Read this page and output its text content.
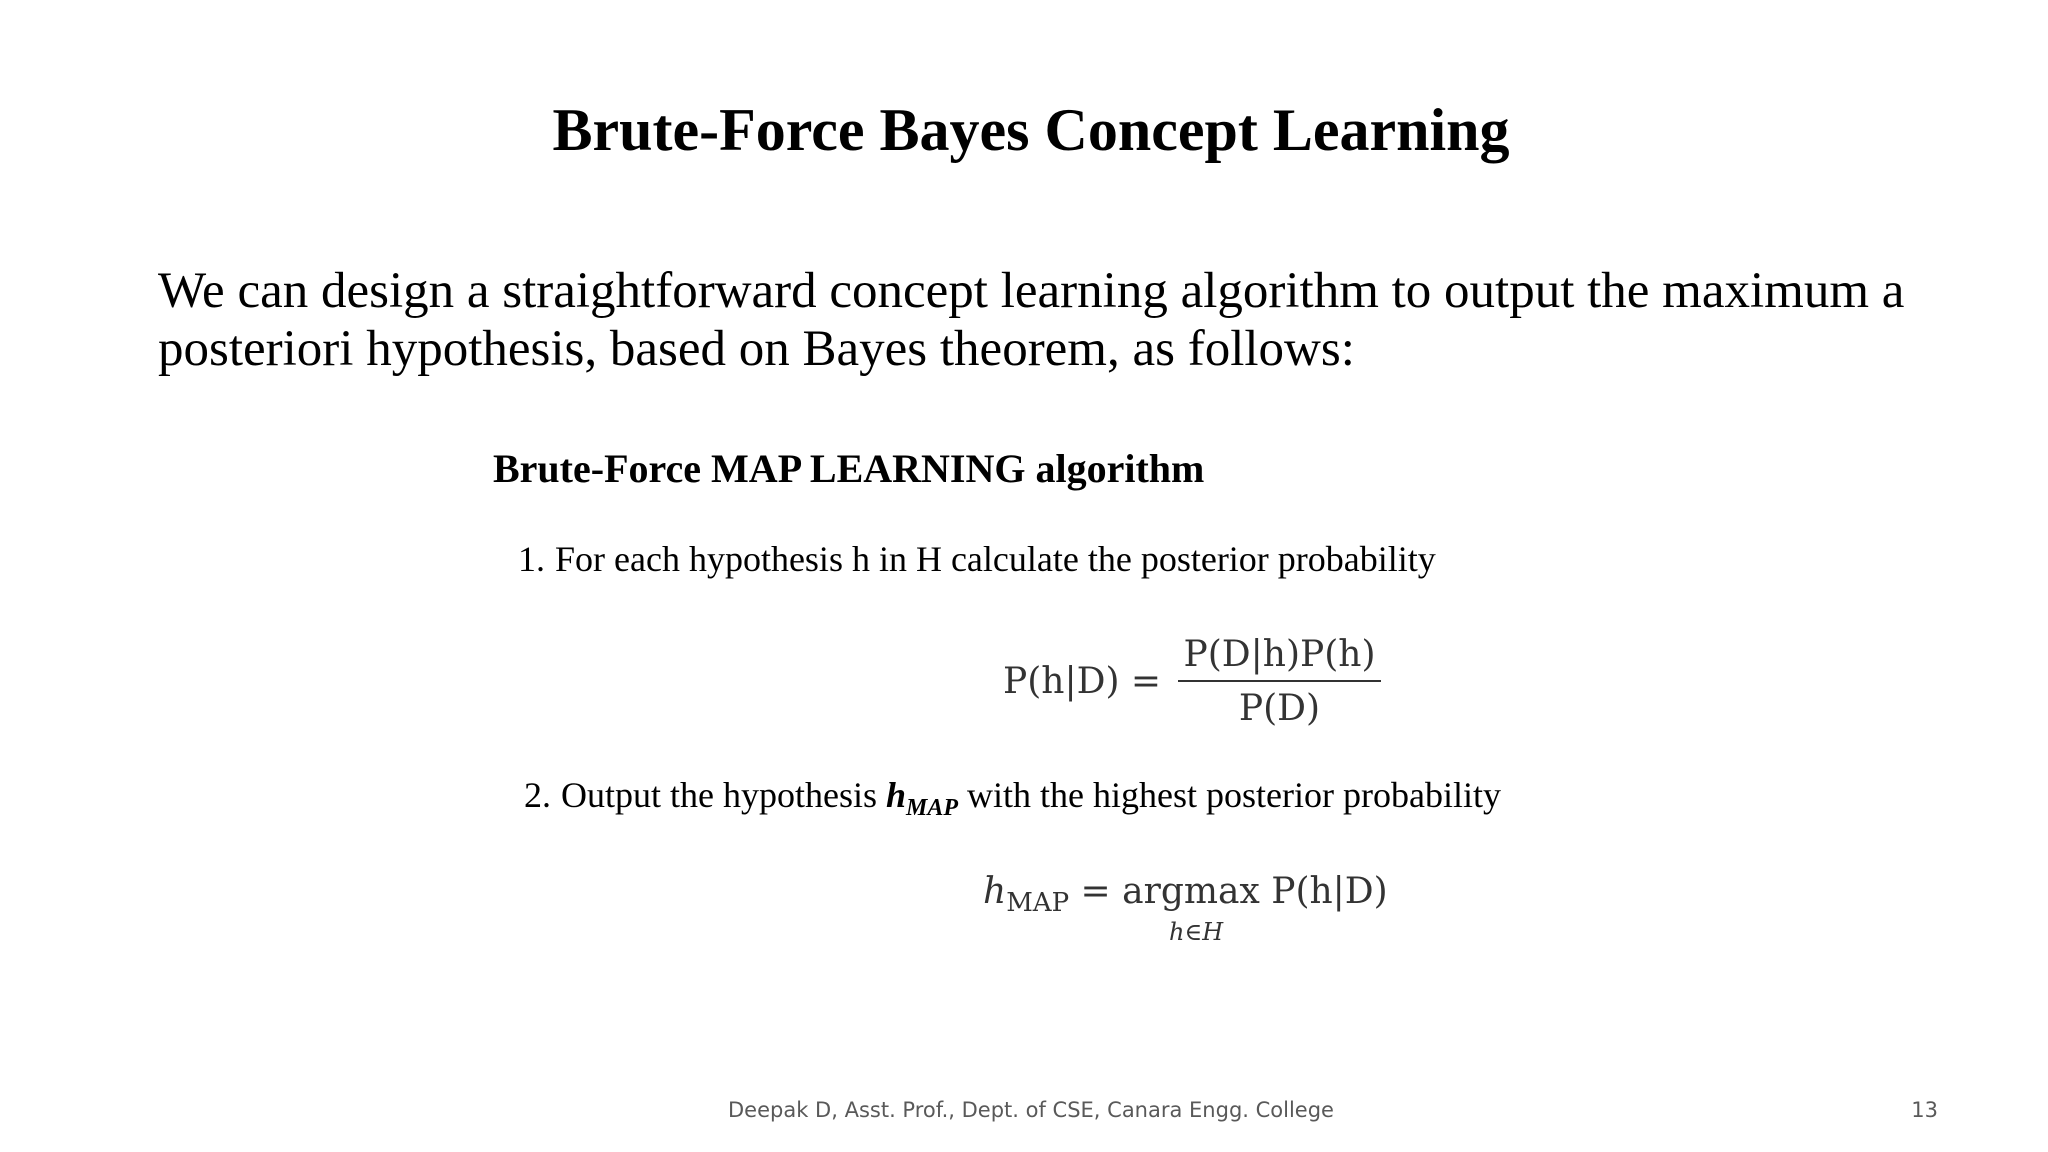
Brute-Force Bayes Concept Learning

We can design a straightforward concept learning algorithm to output the maximum a posteriori hypothesis, based on Bayes theorem, as follows:

Brute-Force MAP LEARNING algorithm
1. For each hypothesis h in H calculate the posterior probability
P(h|D) =
P(D|h)P(h)
P(D)
2. Output the hypothesis $h_{MAP}$ with the highest posterior probability
$h_{MAP} = argmax$ P(h|D)
h∈H
Deepak D, Asst. Prof., Dept. of CSE, Canara Engg. College	13
